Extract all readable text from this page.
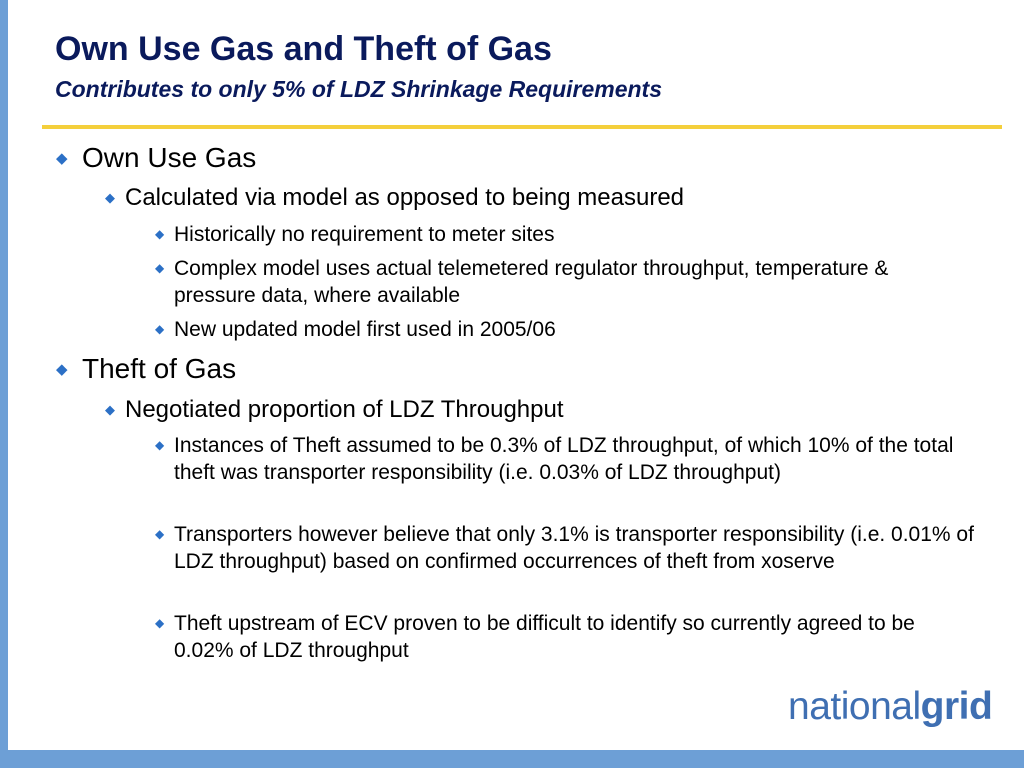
Own Use Gas and Theft of Gas
Contributes to only 5% of LDZ Shrinkage Requirements
◆ Own Use Gas
◆ Calculated via model as opposed to being measured
◆ Historically no requirement to meter sites
◆ Complex model uses actual telemetered regulator throughput, temperature & pressure data, where available
◆ New updated model first used in 2005/06
◆ Theft of Gas
◆ Negotiated proportion of LDZ Throughput
◆ Instances of Theft assumed to be 0.3% of LDZ throughput, of which 10% of the total theft was transporter responsibility (i.e. 0.03% of LDZ throughput)
◆ Transporters however believe that only 3.1% is transporter responsibility (i.e. 0.01% of LDZ throughput) based on confirmed occurrences of theft from xoserve
◆ Theft upstream of ECV proven to be difficult to identify so currently agreed to be 0.02% of LDZ throughput
nationalgrid
